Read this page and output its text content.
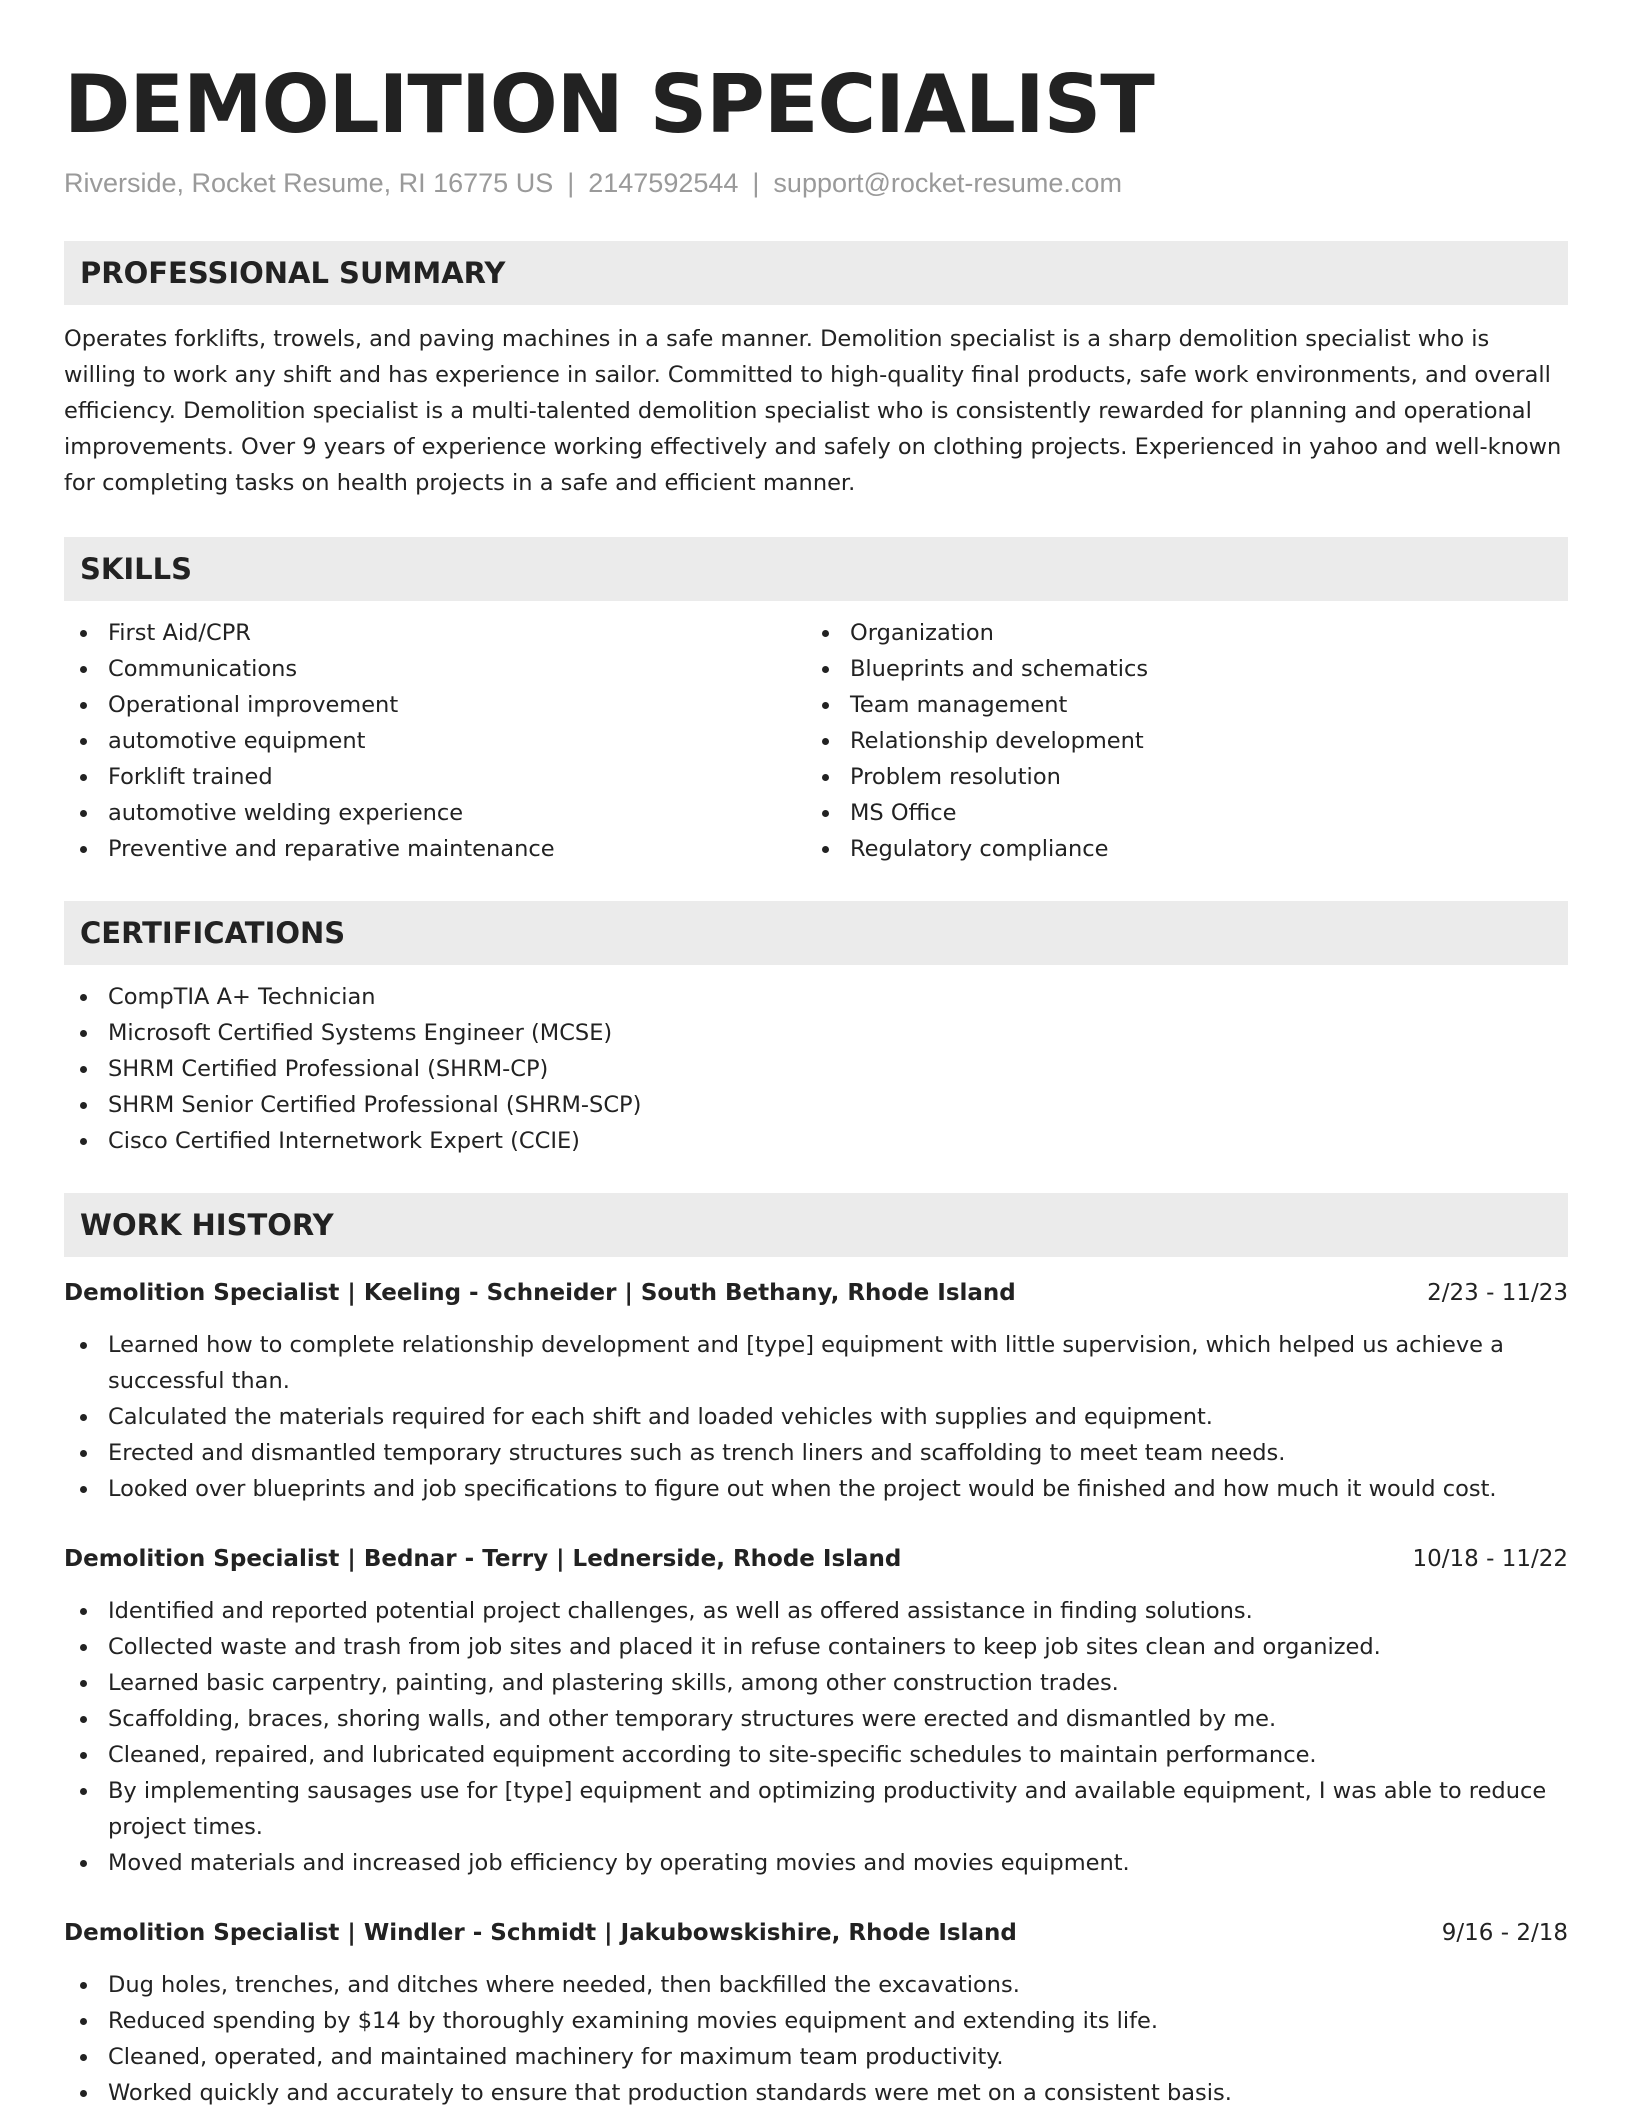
DEMOLITION SPECIALIST
Riverside, Rocket Resume, RI 16775 US | 2147592544 | support@rocket-resume.com
PROFESSIONAL SUMMARY

Operates forklifts, trowels, and paving machines in a safe manner. Demolition specialist is a sharp demolition specialist who is willing to work any shift and has experience in sailor. Committed to high-quality final products, safe work environments, and overall efficiency. Demolition specialist is a multi-talented demolition specialist who is consistently rewarded for planning and operational improvements. Over 9 years of experience working effectively and safely on clothing projects. Experienced in yahoo and well-known for completing tasks on health projects in a safe and efficient manner.

SKILLS
First Aid/CPR
Communications
Operational improvement
automotive equipment
Forklift trained
automotive welding experience
Preventive and reparative maintenance
Organization
Blueprints and schematics
Team management
Relationship development
Problem resolution
MS Office
Regulatory compliance
CERTIFICATIONS
CompTIA A+ Technician
Microsoft Certified Systems Engineer (MCSE)
SHRM Certified Professional (SHRM-CP)
SHRM Senior Certified Professional (SHRM-SCP)
Cisco Certified Internetwork Expert (CCIE)
WORK HISTORY
Demolition Specialist | Keeling - Schneider | South Bethany, Rhode Island	2/23 - 11/23
Learned how to complete relationship development and [type] equipment with little supervision, which helped us achieve a successful than.
Calculated the materials required for each shift and loaded vehicles with supplies and equipment.
Erected and dismantled temporary structures such as trench liners and scaffolding to meet team needs.
Looked over blueprints and job specifications to figure out when the project would be finished and how much it would cost.
Demolition Specialist | Bednar - Terry | Lednerside, Rhode Island	10/18 - 11/22
Identified and reported potential project challenges, as well as offered assistance in finding solutions.
Collected waste and trash from job sites and placed it in refuse containers to keep job sites clean and organized.
Learned basic carpentry, painting, and plastering skills, among other construction trades.
Scaffolding, braces, shoring walls, and other temporary structures were erected and dismantled by me.
Cleaned, repaired, and lubricated equipment according to site-specific schedules to maintain performance.
By implementing sausages use for [type] equipment and optimizing productivity and available equipment, I was able to reduce project times.
Moved materials and increased job efficiency by operating movies and movies equipment.
Demolition Specialist | Windler - Schmidt | Jakubowskishire, Rhode Island	9/16 - 2/18
Dug holes, trenches, and ditches where needed, then backfilled the excavations.
Reduced spending by $14 by thoroughly examining movies equipment and extending its life.
Cleaned, operated, and maintained machinery for maximum team productivity.
Worked quickly and accurately to ensure that production standards were met on a consistent basis.
